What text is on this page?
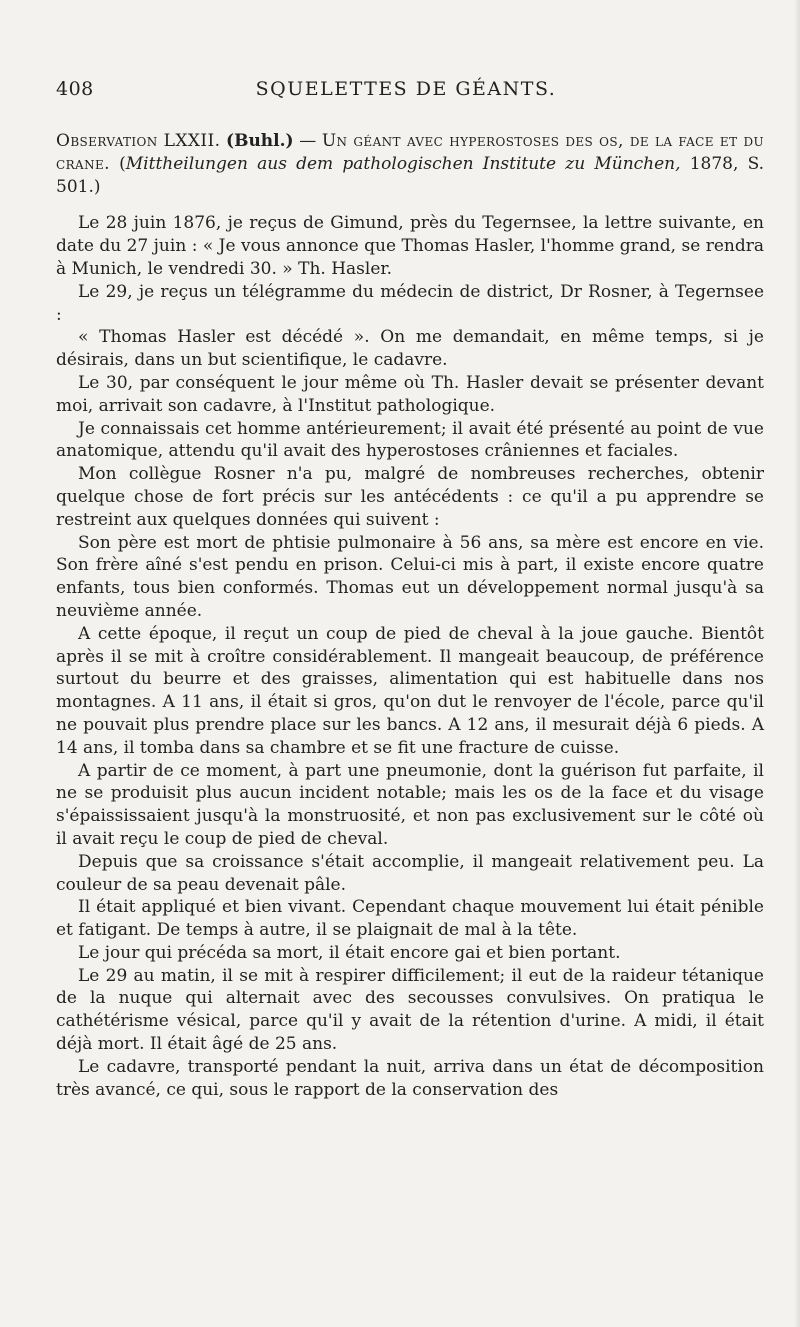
SQUELETTES DE GÉANTS.
408

Observation LXXII. (Buhl.) — Un géant avec hyperostoses des os, de la face et du crane. (Mittheilungen aus dem pathologischen Institute zu München, 1878, S. 501.)

Le 28 juin 1876, je reçus de Gimund, près du Tegernsee, la lettre suivante, en date du 27 juin : « Je vous annonce que Thomas Hasler, l'homme grand, se rendra à Munich, le vendredi 30. » Th. Hasler.

Le 29, je reçus un télégramme du médecin de district, Dr Rosner, à Tegernsee :

« Thomas Hasler est décédé ». On me demandait, en même temps, si je désirais, dans un but scientifique, le cadavre.

Le 30, par conséquent le jour même où Th. Hasler devait se présenter devant moi, arrivait son cadavre, à l'Institut pathologique.

Je connaissais cet homme antérieurement; il avait été présenté au point de vue anatomique, attendu qu'il avait des hyperostoses crâniennes et faciales.

Mon collègue Rosner n'a pu, malgré de nombreuses recherches, obtenir quelque chose de fort précis sur les antécédents : ce qu'il a pu apprendre se restreint aux quelques données qui suivent :

Son père est mort de phtisie pulmonaire à 56 ans, sa mère est encore en vie. Son frère aîné s'est pendu en prison. Celui-ci mis à part, il existe encore quatre enfants, tous bien conformés. Thomas eut un développement normal jusqu'à sa neuvième année.

A cette époque, il reçut un coup de pied de cheval à la joue gauche. Bientôt après il se mit à croître considérablement. Il mangeait beaucoup, de préférence surtout du beurre et des graisses, alimentation qui est habituelle dans nos montagnes. A 11 ans, il était si gros, qu'on dut le renvoyer de l'école, parce qu'il ne pouvait plus prendre place sur les bancs. A 12 ans, il mesurait déjà 6 pieds. A 14 ans, il tomba dans sa chambre et se fit une fracture de cuisse.

A partir de ce moment, à part une pneumonie, dont la guérison fut parfaite, il ne se produisit plus aucun incident notable; mais les os de la face et du visage s'épaississaient jusqu'à la monstruosité, et non pas exclusivement sur le côté où il avait reçu le coup de pied de cheval.

Depuis que sa croissance s'était accomplie, il mangeait relativement peu. La couleur de sa peau devenait pâle.

Il était appliqué et bien vivant. Cependant chaque mouvement lui était pénible et fatigant. De temps à autre, il se plaignait de mal à la tête.

Le jour qui précéda sa mort, il était encore gai et bien portant.

Le 29 au matin, il se mit à respirer difficilement; il eut de la raideur tétanique de la nuque qui alternait avec des secousses convulsives. On pratiqua le cathétérisme vésical, parce qu'il y avait de la rétention d'urine. A midi, il était déjà mort. Il était âgé de 25 ans.

Le cadavre, transporté pendant la nuit, arriva dans un état de décomposition très avancé, ce qui, sous le rapport de la conservation des
